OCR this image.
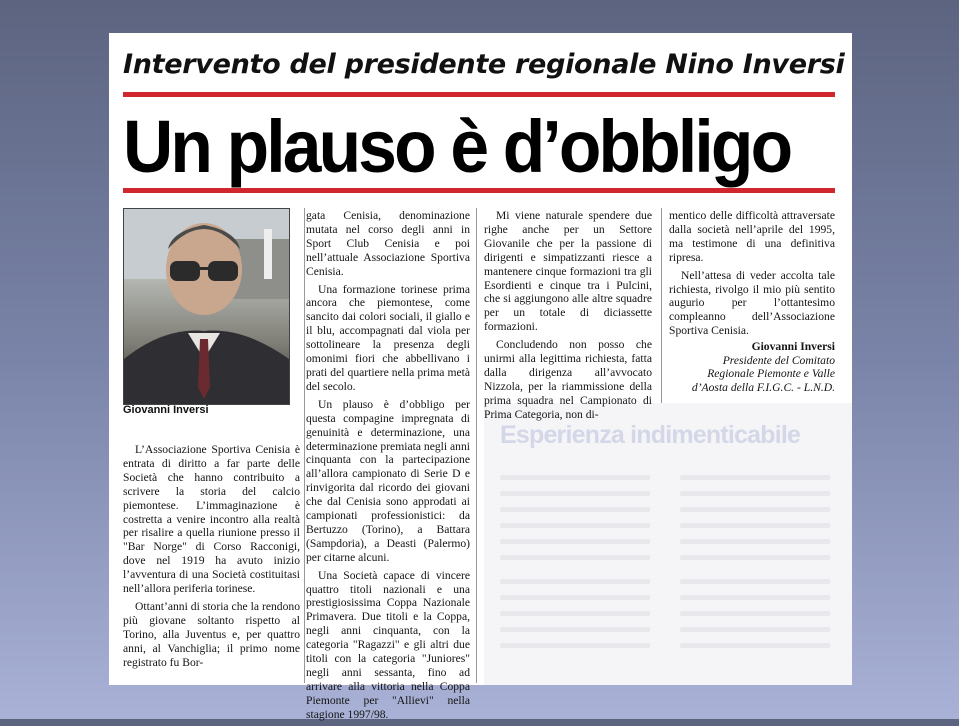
Intervento del presidente regionale Nino Inversi
Un plauso è d’obbligo
Giovanni Inversi

L’Associazione Sportiva Cenisia è entrata di diritto a far parte delle Società che hanno contribuito a scrivere la storia del calcio piemontese. L’immaginazione è costretta a venire incontro alla realtà per risalire a quella riunione presso il "Bar Norge" di Corso Racconigi, dove nel 1919 ha avuto inizio l’avventura di una Società costituitasi nell’allora periferia torinese.

Ottant’anni di storia che la rendono più giovane soltanto rispetto al Torino, alla Juventus e, per quattro anni, al Vanchiglia; il primo nome registrato fu Bor-

gata Cenisia, denominazione mutata nel corso degli anni in Sport Club Cenisia e poi nell’attuale Associazione Sportiva Cenisia.

Una formazione torinese prima ancora che piemontese, come sancito dai colori sociali, il giallo e il blu, accompagnati dal viola per sottolineare la presenza degli omonimi fiori che abbellivano i prati del quartiere nella prima metà del secolo.

Un plauso è d’obbligo per questa compagine impregnata di genuinità e determinazione, una determinazione premiata negli anni cinquanta con la partecipazione all’allora campionato di Serie D e rinvigorita dal ricordo dei giovani che dal Cenisia sono approdati ai campionati professionistici: da Bertuzzo (Torino), a Battara (Sampdoria), a Deasti (Palermo) per citarne alcuni.

Una Società capace di vincere quattro titoli nazionali e una prestigiosissima Coppa Nazionale Primavera. Due titoli e la Coppa, negli anni cinquanta, con la categoria "Ragazzi" e gli altri due titoli con la categoria "Juniores" negli anni sessanta, fino ad arrivare alla vittoria nella Coppa Piemonte per "Allievi" nella stagione 1997/98.

Esperienza indimenticabile

Mi viene naturale spendere due righe anche per un Settore Giovanile che per la passione di dirigenti e simpatizzanti riesce a mantenere cinque formazioni tra gli Esordienti e cinque tra i Pulcini, che si aggiungono alle altre squadre per un totale di diciassette formazioni.

Concludendo non posso che unirmi alla legittima richiesta, fatta dalla dirigenza all’avvocato Nizzola, per la riammissione della prima squadra nel Campionato di Prima Categoria, non di-

mentico delle difficoltà attraversate dalla società nell’aprile del 1995, ma testimone di una definitiva ripresa.

Nell’attesa di veder accolta tale richiesta, rivolgo il mio più sentito augurio per l’ottantesimo compleanno dell’Associazione Sportiva Cenisia.

Giovanni Inversi
Presidente del Comitato
Regionale Piemonte e Valle
d’Aosta della F.I.G.C. - L.N.D.
